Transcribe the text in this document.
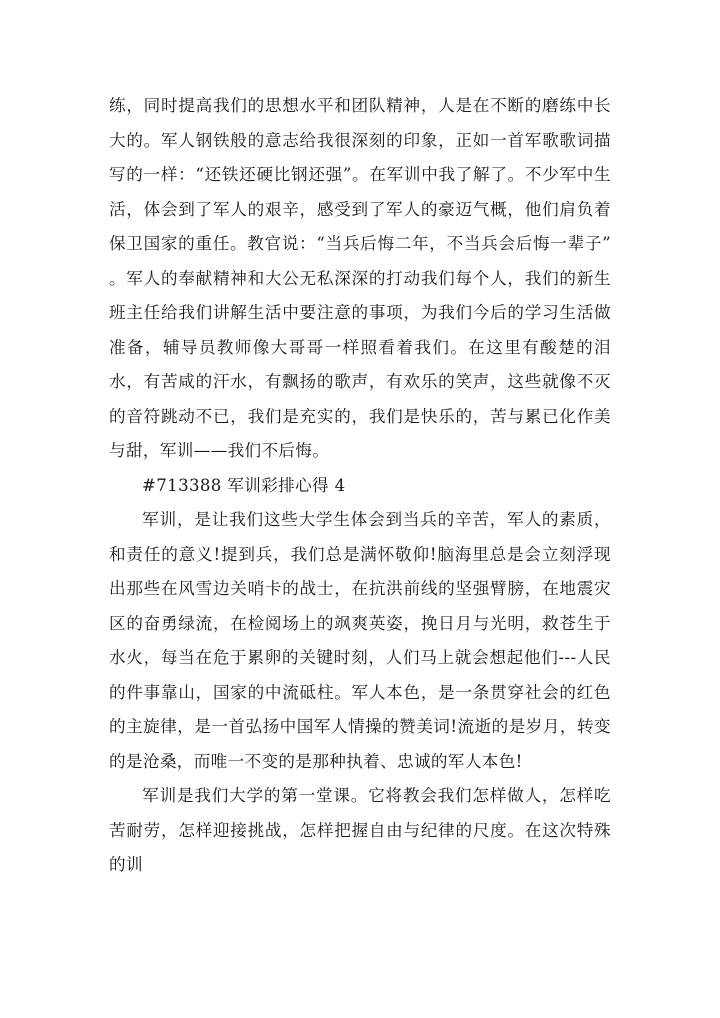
练，同时提高我们的思想水平和团队精神，人是在不断的磨练中长大的。军人钢铁般的意志给我很深刻的印象，正如一首军歌歌词描写的一样：“还铁还硬比钢还强”。在军训中我了解了。不少军中生活，体会到了军人的艰辛，感受到了军人的豪迈气概，他们肩负着保卫国家的重任。教官说：“当兵后悔二年，不当兵会后悔一辈子” 。军人的奉献精神和大公无私深深的打动我们每个人，我们的新生班主任给我们讲解生活中要注意的事项，为我们今后的学习生活做准备，辅导员教师像大哥哥一样照看着我们。在这里有酸楚的泪水，有苦咸的汗水，有飘扬的歌声，有欢乐的笑声，这些就像不灭的音符跳动不已，我们是充实的，我们是快乐的，苦与累已化作美与甜，军训——我们不后悔。

#713388 军训彩排心得 4

军训，是让我们这些大学生体会到当兵的辛苦，军人的素质，和责任的意义!提到兵，我们总是满怀敬仰!脑海里总是会立刻浮现出那些在风雪边关哨卡的战士，在抗洪前线的坚强臂膀，在地震灾区的奋勇绿流，在检阅场上的飒爽英姿，挽日月与光明，救苍生于水火，每当在危于累卵的关键时刻，人们马上就会想起他们---人民的件事靠山，国家的中流砥柱。军人本色，是一条贯穿社会的红色的主旋律，是一首弘扬中国军人情操的赞美词!流逝的是岁月，转变的是沧桑，而唯一不变的是那种执着、忠诚的军人本色!

军训是我们大学的第一堂课。它将教会我们怎样做人，怎样吃苦耐劳，怎样迎接挑战，怎样把握自由与纪律的尺度。在这次特殊的训
